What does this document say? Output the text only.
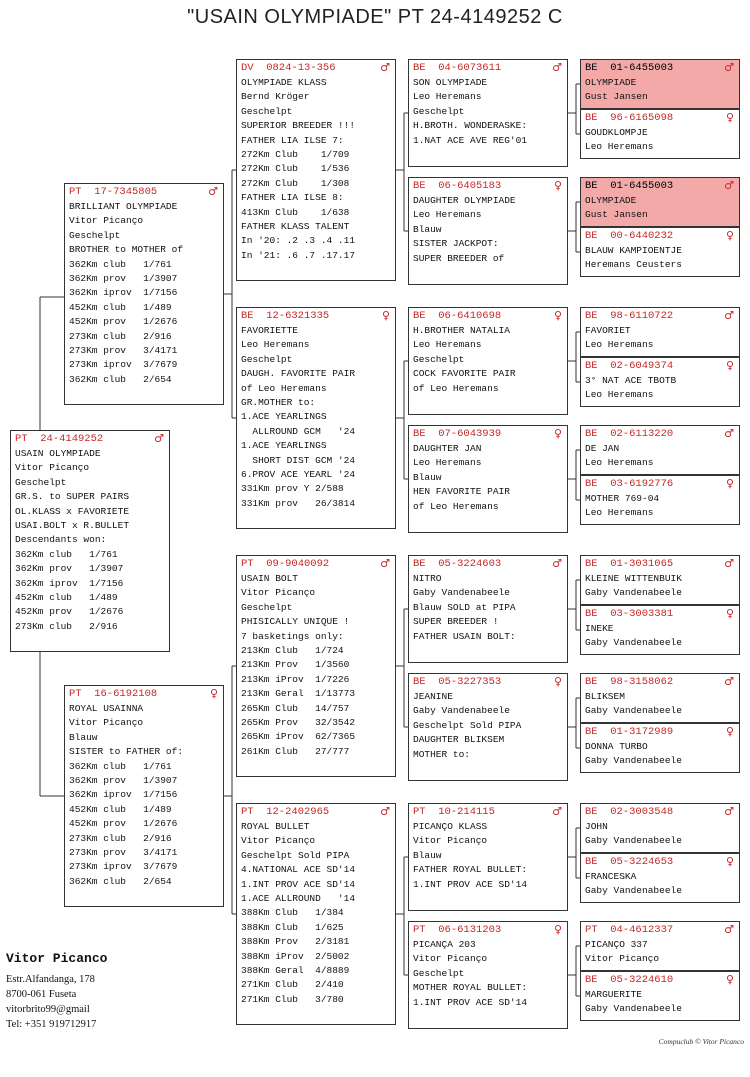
"USAIN OLYMPIADE" PT 24-4149252 C
PT  24-4149252	♂
USAIN OLYMPIADE
Vitor Picanço
Geschelpt
GR.S. to SUPER PAIRS
OL.KLASS x FAVORIETE
USAI.BOLT x R.BULLET
Descendants won:
362Km club   1/761
362Km prov   1/3907
362Km iprov  1/7156
452Km club   1/489
452Km prov   1/2676
273Km club   2/916
PT  17-7345805	♂
BRILLIANT OLYMPIADE
Vitor Picanço
Geschelpt
BROTHER to MOTHER of
362Km club   1/761
362Km prov   1/3907
362Km iprov  1/7156
452Km club   1/489
452Km prov   1/2676
273Km club   2/916
273Km prov   3/4171
273Km iprov  3/7679
362Km club   2/654
PT  16-6192108	♀
ROYAL USAINNA
Vitor Picanço
Blauw
SISTER to FATHER of:
362Km club   1/761
362Km prov   1/3907
362Km iprov  1/7156
452Km club   1/489
452Km prov   1/2676
273Km club   2/916
273Km prov   3/4171
273Km iprov  3/7679
362Km club   2/654
DV  0824-13-356	♂
OLYMPIADE KLASS
Bernd Kröger
Geschelpt
SUPERIOR BREEDER !!!
FATHER LIA ILSE 7:
272Km Club    1/709
272Km Club    1/536
272Km Club    1/308
FATHER LIA ILSE 8:
413Km Club    1/638
FATHER KLASS TALENT
In '20: .2 .3 .4 .11
In '21: .6 .7 .17.17
BE  12-6321335	♀
FAVORIETTE
Leo Heremans
Geschelpt
DAUGH. FAVORITE PAIR
of Leo Heremans
GR.MOTHER to:
1.ACE YEARLINGS
ALLROUND GCM   '24
1.ACE YEARLINGS
SHORT DIST GCM '24
6.PROV ACE YEARL '24
331Km prov Y 2/588
331Km prov   26/3814
PT  09-9040092	♂
USAIN BOLT
Vitor Picanço
Geschelpt
PHISICALLY UNIQUE !
7 basketings only:
213Km Club   1/724
213Km Prov   1/3560
213Km iProv  1/7226
213Km Geral  1/13773
265Km Club   14/757
265Km Prov   32/3542
265Km iProv  62/7365
261Km Club   27/777
PT  12-2402965	♂
ROYAL BULLET
Vitor Picanço
Geschelpt Sold PIPA
4.NATIONAL ACE SD'14
1.INT PROV ACE SD'14
1.ACE ALLROUND   '14
388Km Club   1/384
388Km Club   1/625
388Km Prov   2/3181
388Km iProv  2/5002
388Km Geral  4/8889
271Km Club   2/410
271Km Club   3/780
BE  04-6073611	♂
SON OLYMPIADE
Leo Heremans
Geschelpt
H.BROTH. WONDERASKE:
1.NAT ACE AVE REG'01
BE  06-6405183	♀
DAUGHTER OLYMPIADE
Leo Heremans
Blauw
SISTER JACKPOT:
SUPER BREEDER of
BE  06-6410698	♀
H.BROTHER NATALIA
Leo Heremans
Geschelpt
COCK FAVORITE PAIR
of Leo Heremans
BE  07-6043939	♀
DAUGHTER JAN
Leo Heremans
Blauw
HEN FAVORITE PAIR
of Leo Heremans
BE  05-3224603	♂
NITRO
Gaby Vandenabeele
Blauw SOLD at PIPA
SUPER BREEDER !
FATHER USAIN BOLT:
BE  05-3227353	♀
JEANINE
Gaby Vandenabeele
Geschelpt Sold PIPA
DAUGHTER BLIKSEM
MOTHER to:
PT  10-214115	♂
PICANÇO KLASS
Vitor Picanço
Blauw
FATHER ROYAL BULLET:
1.INT PROV ACE SD'14
PT  06-6131203	♀
PICANÇA 203
Vitor Picanço
Geschelpt
MOTHER ROYAL BULLET:
1.INT PROV ACE SD'14
BE  01-6455003	♂
OLYMPIADE
Gust Jansen
BE  96-6165098	♀
GOUDKLOMPJE
Leo Heremans
BE  01-6455003	♂
OLYMPIADE
Gust Jansen
BE  00-6440232	♀
BLAUW KAMPIOENTJE
Heremans Ceusters
BE  98-6110722	♂
FAVORIET
Leo Heremans
BE  02-6049374	♀
3° NAT ACE TBOTB
Leo Heremans
BE  02-6113220	♂
DE JAN
Leo Heremans
BE  03-6192776	♀
MOTHER 769-04
Leo Heremans
BE  01-3031065	♂
KLEINE WITTENBUIK
Gaby Vandenabeele
BE  03-3003381	♀
INEKE
Gaby Vandenabeele
BE  98-3158062	♂
BLIKSEM
Gaby Vandenabeele
BE  01-3172989	♀
DONNA TURBO
Gaby Vandenabeele
BE  02-3003548	♂
JOHN
Gaby Vandenabeele
BE  05-3224653	♀
FRANCESKA
Gaby Vandenabeele
PT  04-4612337	♂
PICANÇO 337
Vitor Picanço
BE  05-3224610	♀
MARGUERITE
Gaby Vandenabeele
Vitor Picanco
Estr.Alfandanga, 178
8700-061 Fuseta
vitorbrito99@gmail
Tel: +351 919712917
Compuclub © Vitor Picanco
